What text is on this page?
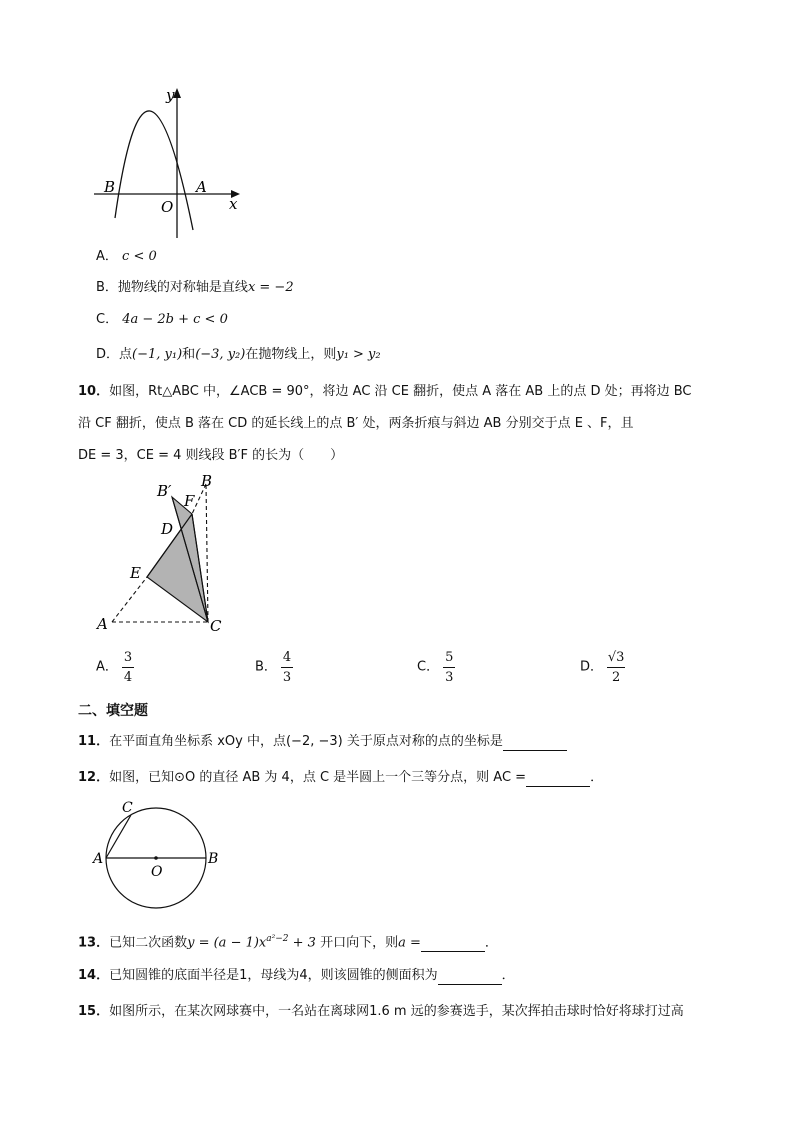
y
x
B	A
O
A． c < 0
B．抛物线的对称轴是直线x = −2
C． 4a − 2b + c < 0
D．点(−1, y₁)和(−3, y₂)在抛物线上，则y₁ > y₂
10．如图，Rt△ABC 中，∠ACB = 90°，将边 AC 沿 CE 翻折，使点 A 落在 AB 上的点 D 处；再将边 BC
沿 CF 翻折，使点 B 落在 CD 的延长线上的点 B′ 处，两条折痕与斜边 AB 分别交于点 E 、F，且
DE = 3，CE = 4 则线段 B′F 的长为（　　）
B′
B
F
D
E
A	C
A． $\frac{3}{4}$	B． $\frac{4}{3}$	C． $\frac{5}{3}$	D． $\frac{√3}{2}$
二、填空题
11．在平面直角坐标系 xOy 中，点(−2, −3) 关于原点对称的点的坐标是
12．如图，已知⊙O 的直径 AB 为 4，点 C 是半圆上一个三等分点，则 AC =	．
C
A
O
B
13．已知二次函数$y = (a - 1)x^{a^2-2} + 3$ 开口向下，则a =	．
14．已知圆锥的底面半径是1，母线为4，则该圆锥的侧面积为	．
15．如图所示，在某次网球赛中，一名站在离球网1.6 m 远的参赛选手，某次挥拍击球时恰好将球打过高
